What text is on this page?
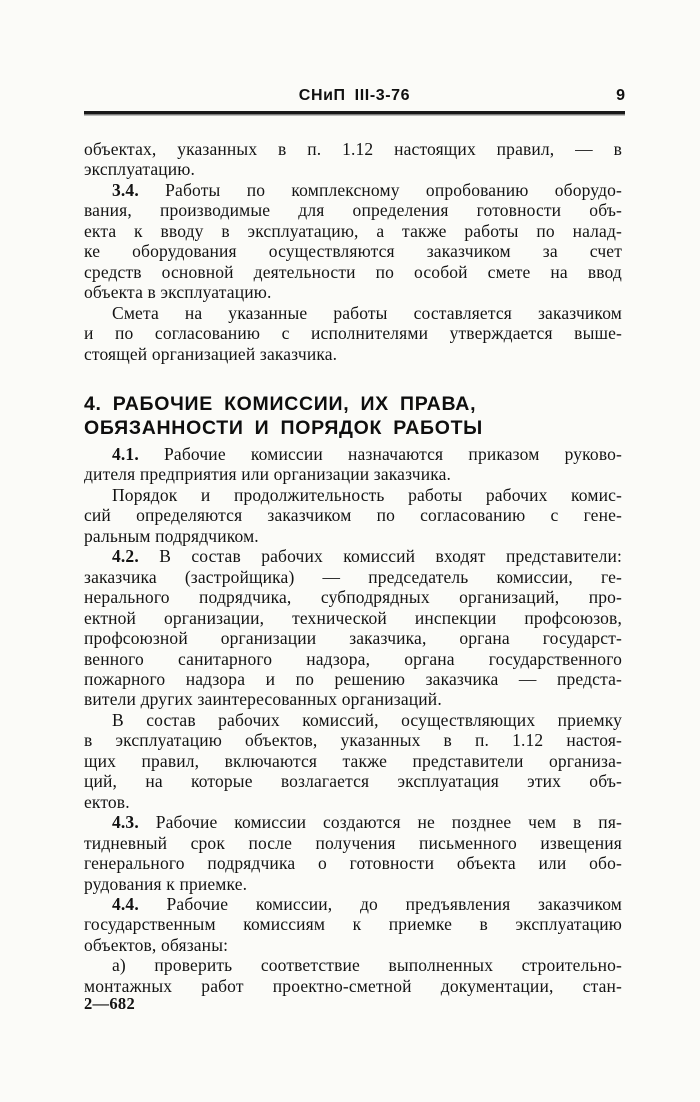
СНиП III-3-76	9

объектах, указанных в п. 1.12 настоящих правил, — в
эксплуатацию.

3.4. Работы по комплексному опробованию оборудо-
вания, производимые для определения готовности объ-
екта к вводу в эксплуатацию, а также работы по налад-
ке оборудования осуществляются заказчиком за счет
средств основной деятельности по особой смете на ввод
объекта в эксплуатацию.

Смета на указанные работы составляется заказчиком
и по согласованию с исполнителями утверждается выше-
стоящей организацией заказчика.

4. РАБОЧИЕ КОМИССИИ, ИХ ПРАВА,
ОБЯЗАННОСТИ И ПОРЯДОК РАБОТЫ

4.1. Рабочие комиссии назначаются приказом руково-
дителя предприятия или организации заказчика.

Порядок и продолжительность работы рабочих комис-
сий определяются заказчиком по согласованию с гене-
ральным подрядчиком.

4.2. В состав рабочих комиссий входят представители:
заказчика (застройщика) — председатель комиссии, ге-
нерального подрядчика, субподрядных организаций, про-
ектной организации, технической инспекции профсоюзов,
профсоюзной организации заказчика, органа государст-
венного санитарного надзора, органа государственного
пожарного надзора и по решению заказчика — предста-
вители других заинтересованных организаций.

В состав рабочих комиссий, осуществляющих приемку
в эксплуатацию объектов, указанных в п. 1.12 настоя-
щих правил, включаются также представители организа-
ций, на которые возлагается эксплуатация этих объ-
ектов.

4.3. Рабочие комиссии создаются не позднее чем в пя-
тидневный срок после получения письменного извещения
генерального подрядчика о готовности объекта или обо-
рудования к приемке.

4.4. Рабочие комиссии, до предъявления заказчиком
государственным комиссиям к приемке в эксплуатацию
объектов, обязаны:

а) проверить соответствие выполненных строительно-
монтажных работ проектно-сметной документации, стан-

2—682
